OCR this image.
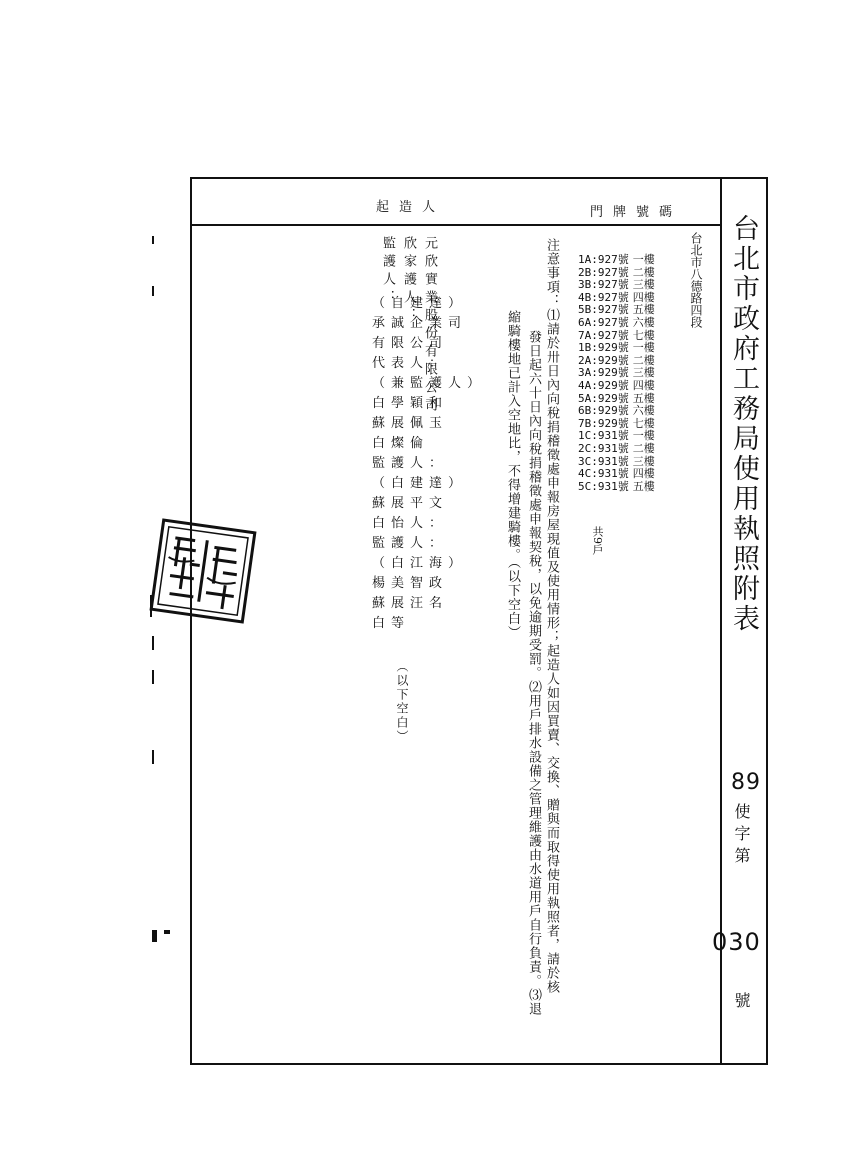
台北市政府工務局使用執照附表
89
使字第
030
號
門牌號碼
起造人
台北市八德路四段
1A:927號 一樓
2B:927號 二樓
3B:927號 三樓
4B:927號 四樓
5B:927號 五樓
6A:927號 六樓
7A:927號 七樓
1B:929號 一樓
2A:929號 二樓
3A:929號 三樓
4A:929號 四樓
5A:929號 五樓
6B:929號 六樓
7B:929號 七樓
1C:931號 一樓
2C:931號 二樓
3C:931號 三樓
4C:931號 四樓
5C:931號 五樓
共9戶
注意事項：⑴請於卅日內向稅捐稽徵處申報房屋現值及使用情形；起造人如因買賣、交換、贈與而取得使用執照者，請於核
發日起六十日內向稅捐稽徵處申報契稅，以免逾期受罰。⑵用戶排水設備之管理維護由水道用戶自行負責。⑶退
縮騎樓地已計入空地比，不得增建騎樓。（以下空白）
元欣實業股份有限公司
欣家護人：
監護人：
（自建達）
承誠企業司
有限公司
代表人：
（兼監護人）
白學穎和
蘇展佩玉
白燦倫
監護人：
（白建達）
蘇展平文
白怡人：
監護人：
（白江海）
楊美智政
蘇展汪名
白等
（以下空白）
